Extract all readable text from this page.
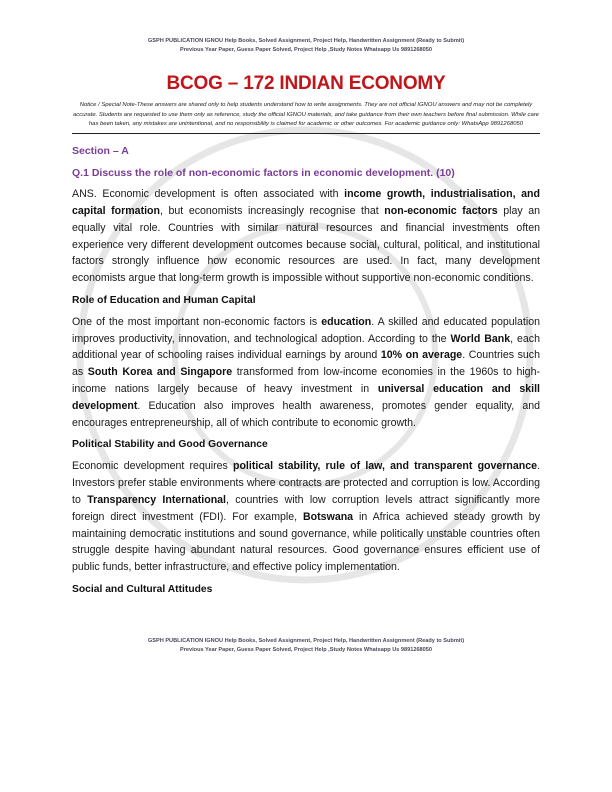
GSPH PUBLICATION IGNOU Help Books, Solved Assignment, Project Help, Handwritten Assignment (Ready to Submit)
Previous Year Paper, Guess Paper Solved, Project Help ,Study Notes Whatsapp Us 9891268050
BCOG – 172 INDIAN ECONOMY
Notice / Special Note-These answers are shared only to help students understand how to write assignments. They are not official IGNOU answers and may not be completely accurate. Students are requested to use them only as reference, study the official IGNOU materials, and take guidance from their own teachers before final submission. While care has been taken, any mistakes are unintentional, and no responsibility is claimed for academic or other outcomes. For academic guidance only: WhatsApp 9891268050
Section – A
Q.1 Discuss the role of non-economic factors in economic development. (10)
ANS. Economic development is often associated with income growth, industrialisation, and capital formation, but economists increasingly recognise that non-economic factors play an equally vital role. Countries with similar natural resources and financial investments often experience very different development outcomes because social, cultural, political, and institutional factors strongly influence how economic resources are used. In fact, many development economists argue that long-term growth is impossible without supportive non-economic conditions.
Role of Education and Human Capital
One of the most important non-economic factors is education. A skilled and educated population improves productivity, innovation, and technological adoption. According to the World Bank, each additional year of schooling raises individual earnings by around 10% on average. Countries such as South Korea and Singapore transformed from low-income economies in the 1960s to high-income nations largely because of heavy investment in universal education and skill development. Education also improves health awareness, promotes gender equality, and encourages entrepreneurship, all of which contribute to economic growth.
Political Stability and Good Governance
Economic development requires political stability, rule of law, and transparent governance. Investors prefer stable environments where contracts are protected and corruption is low. According to Transparency International, countries with low corruption levels attract significantly more foreign direct investment (FDI). For example, Botswana in Africa achieved steady growth by maintaining democratic institutions and sound governance, while politically unstable countries often struggle despite having abundant natural resources. Good governance ensures efficient use of public funds, better infrastructure, and effective policy implementation.
Social and Cultural Attitudes
GSPH PUBLICATION IGNOU Help Books, Solved Assignment, Project Help, Handwritten Assignment (Ready to Submit)
Previous Year Paper, Guess Paper Solved, Project Help ,Study Notes Whatsapp Us 9891268050
